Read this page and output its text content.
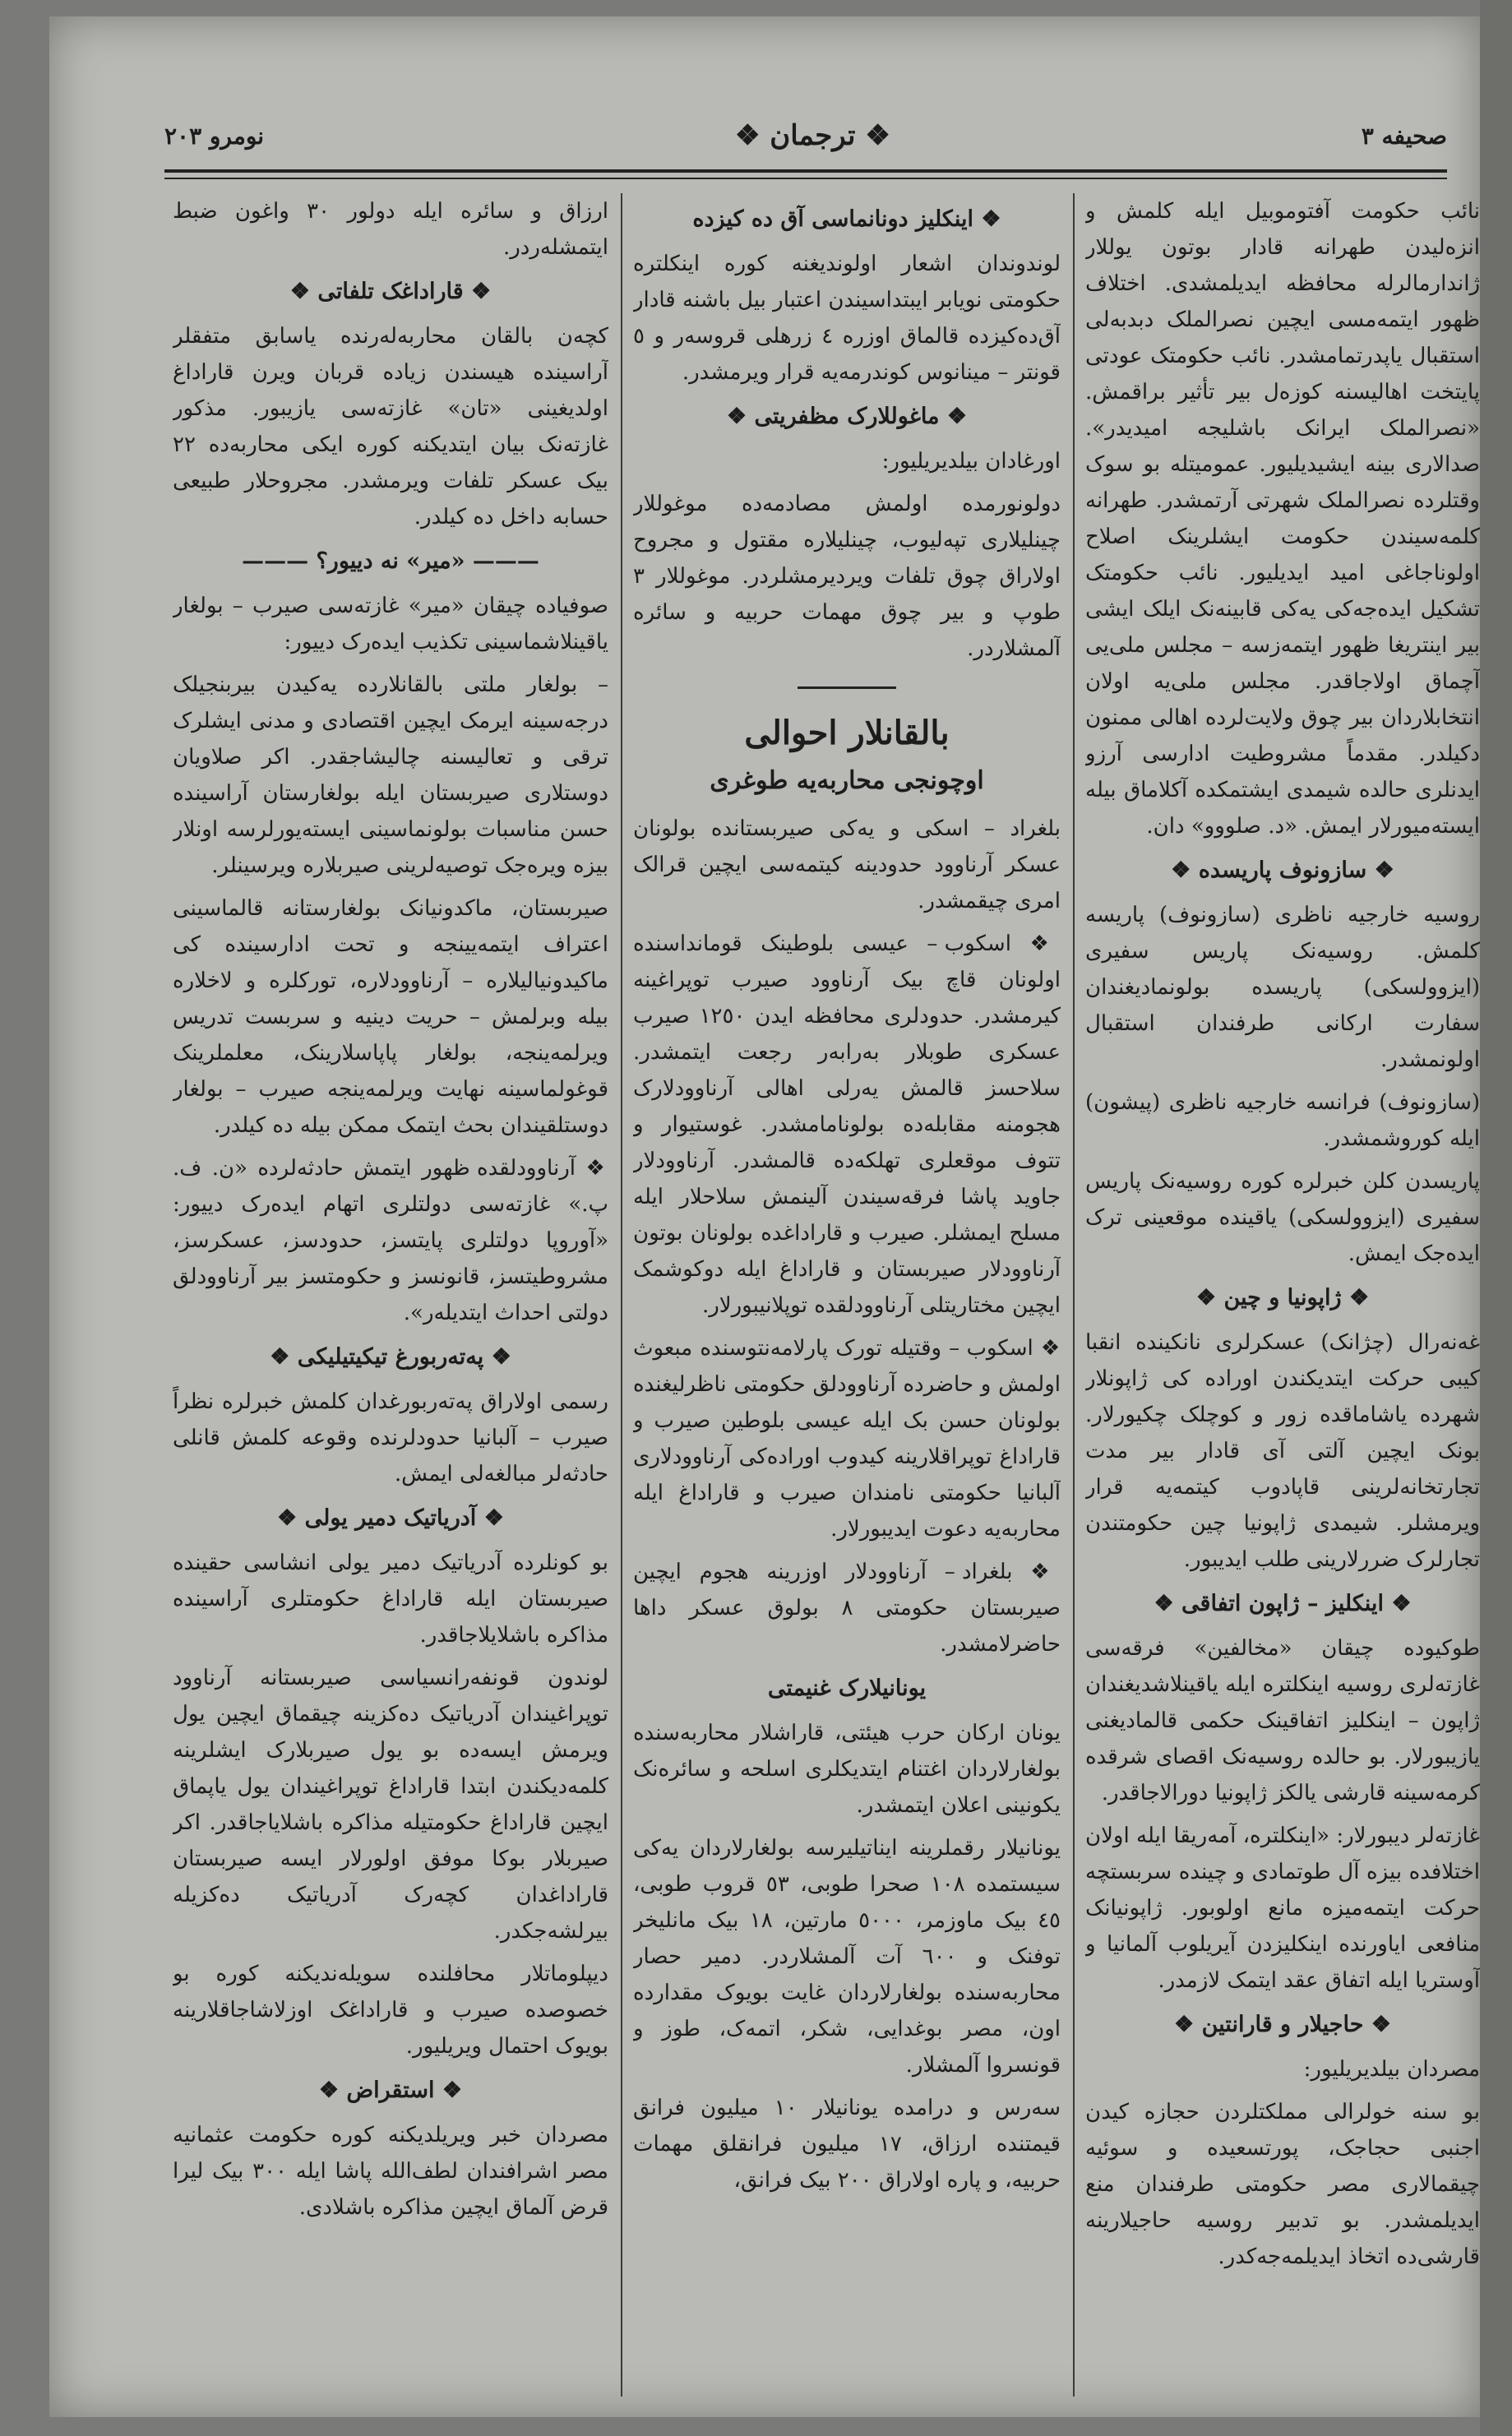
صحیفه ٣
❖ ترجمان ❖
نومرو ٢٠٣

نائب حکومت آفتوموبیل ایله کلمش و انزه‌لیدن طهرانه قادار بوتون یوللار ژاندارمالرله محافظه ایدیلمشدی. اختلاف ظهور ایتمه‌مسی ایچین نصرالملک دبدبه‌لی استقبال یاپدرتمامشدر. نائب حکومتک عودتی پایتخت اهالیسنه کوزه‌ل بیر تأثیر براقمش. «نصرالملک ایرانک باشلیجه امیدیدر». صدالاری بینه ایشیدیلیور. عمومیتله بو سوک وقتلرده نصرالملک شهرتی آرتمشدر. طهرانه کلمه‌سیندن حکومت ایشلرینک اصلاح اولوناجاغی امید ایدیلیور. نائب حکومتک تشکیل ایده‌جه‌کی یه‌کی قابینه‌نک ایلک ایشی بیر اینتریغا ظهور ایتمه‌زسه – مجلس ملی‌یی آچماق اولاجاقدر. مجلس ملی‌یه اولان انتخابلاردان بیر چوق ولایت‌لرده اهالی ممنون دکیلدر. مقدماً مشروطیت ادارسی آرزو ایدنلری حالده شیمدی ایشتمکده آکلاماق بیله ایسته‌میورلار ایمش. «د. صلووو» دان.

❖ سازونوف پاریسده ❖

روسیه خارجیه ناظری (سازونوف) پاریسه کلمش. روسیه‌نک پاریس سفیری (ایزوولسکی) پاریسده بولونمادیغندان سفارت ارکانی طرفندان استقبال اولونمشدر.

(سازونوف) فرانسه خارجیه ناظری (پیشون) ایله کوروشمشدر.

پاریسدن کلن خبرلره کوره روسیه‌نک پاریس سفیری (ایزوولسکی) یاقینده موقعینی ترک ایده‌جک ایمش.

❖ ژاپونیا و چین ❖

غه‌نه‌رال (چژانک) عسکرلری نانکینده انقبا کیبی حرکت ایتدیکندن اوراده کی ژاپونلار شهرده یاشاماقده زور و کوچلک چکیورلار. بونک ایچین آلتی آی قادار بیر مدت تجارتخانه‌لرینی قاپادوب کیتمه‌یه قرار ویرمشلر. شیمدی ژاپونیا چین حکومتندن تجارلرک ضررلارینی طلب ایدیبور.

❖ اینکلیز – ژاپون اتفاقی ❖

طوکیوده چیقان «مخالفین» فرقه‌سی غازته‌لری روسیه اینکلتره ایله یاقینلاشدیغندان ژاپون – اینکلیز اتفاقینک حکمی قالمادیغنی یازیبورلار. بو حالده روسیه‌نک اقصای شرقده کرمه‌سینه قارشی یالکز ژاپونیا دورالاجاقدر.

غازته‌لر دیبورلار: «اینکلتره، آمه‌ریقا ایله اولان اختلافده بیزه آل طوتمادی و چینده سربستچه حرکت ایتمه‌میزه مانع اولوبور. ژاپونیانک منافعی ایاورنده اینکلیزدن آیریلوب آلمانیا و آوستریا ایله اتفاق عقد ایتمک لازمدر.

❖ حاجیلار و قارانتین ❖

مصردان بیلدیریلیور:

بو سنه خولرالی مملکتلردن حجازه کیدن اجنبی حجاجک، پورتسعیده و سوئیه چیقمالاری مصر حکومتی طرفندان منع ایدیلمشدر. بو تدبیر روسیه حاجیلارینه قارشی‌ده اتخاذ ایدیلمه‌جه‌کدر.

❖ اینکلیز دونانماسی آق ده کیزده

لوندوندان اشعار اولوندیغنه کوره اینکلتره حکومتی نویابر ایبتداسیندن اعتبار بیل باشنه قادار آق‌ده‌کیزده قالماق اوزره ٤ زرهلی قروسه‌ر و ٥ قونتر – مینانوس کوندرمه‌یه قرار ویرمشدر.

❖ ماغوللارک مظفریتی ❖

اورغادان بیلدیریلیور:

دولونورمده اولمش مصادمه‌ده موغوللار چینلیلاری تپه‌لیوب، چینلیلاره مقتول و مجروح اولاراق چوق تلفات ویردیرمشلردر. موغوللار ٣ طوپ و بیر چوق مهمات حربیه و سائره آلمشلاردر.

بالقانلار احوالی
اوچونجی محاربه‌یه طوغری

بلغراد – اسکی و یه‌کی صیربستانده بولونان عسکر آرناوود حدودینه کیتمه‌سی ایچین قرالک امری چیقمشدر.

❖ اسکوب – عیسی بلوطینک قوماندا‌سنده اولونان قاچ بیک آرناوود صیرب توپراغینه کیرمشدر. حدودلری محافظه ایدن ١٢٥٠ صیرب عسکری طوبلار به‌رابه‌ر رجعت ایتمشدر. سلاحسز قالمش یه‌رلی اهالی آرناوودلارک هجومنه مقابله‌ده بولونامامشدر. غوستیوار و تتوف موقعلری تهلکه‌ده قالمشدر. آرناوودلار جاوید پاشا فرقه‌سیندن آلینمش سلاحلار ایله مسلح ایمشلر. صیرب و قاراداغده بولونان بوتون آرناوودلار صیربستان و قاراداغ ایله دوکوشمک ایچین مختاریتلی آرناوودلقده توپلانیبورلار.

❖ اسکوب – وقتیله تورک پارلامه‌نتوسنده مبعوث اولمش و حاضرده آرناوودلق حکومتی ناظرلیغنده بولونان حسن بک ایله عیسی بلوطین صیرب و قاراداغ توپراقلارینه کیدوب اوراده‌کی آرناوودلاری آلبانیا حکومتی نامندان صیرب و قاراداغ ایله محاربه‌یه دعوت ایدیبورلار.

❖ بلغراد – آرناوودلار اوزرینه هجوم ایچین صیربستان حکومتی ٨ بولوق عسکر داها حاضرلامشدر.

یونانیلارک غنیمتی

یونان ارکان حرب هیئتی، قاراشلار محاربه‌سنده بولغارلاردان اغتنام ایتدیکلری اسلحه و سائره‌نک یکونینی اعلان ایتمشدر.

یونانیلار رقملرینه ایناتیلیرسه بولغارلاردان یه‌کی سیستمده ١٠٨ صحرا طوبی، ٥٣ قروب طوبی، ٤٥ بیک ماوزمر، ٥٠٠٠ مارتین، ١٨ بیک مانلیخر توفنک و ٦٠٠ آت آلمشلاردر. دمیر حصار محاربه‌سنده بولغارلاردان غایت بویوک مقدارده اون، مصر بوغدایی، شکر، اتمه‌ک، طوز و قونسروا آلمشلار.

سه‌رس و درامده یونانیلار ١٠ میلیون فرانق قیمتنده ارزاق، ١٧ میلیون فرانقلق مهمات حربیه، و پاره اولاراق ٢٠٠ بیک فرانق،

ارزاق و سائره ایله دولور ٣٠ واغون ضبط ایتمشله‌ردر.

❖ قاراداغک تلفاتی ❖

کچه‌ن بالقان محاربه‌له‌رنده یاسابق متفقلر آراسینده هیسندن زیاده قربان ویرن قاراداغ اولدیغینی «تان» غازته‌سی یازیبور. مذکور غازته‌نک بیان ایتدیکنه کوره ایکی محاربه‌ده ٢٢ بیک عسکر تلفات ویرمشدر. مجروحلار طبیعی حسابه داخل ده کیلدر.

——— «میر» نه دییور؟ ———

صوفیاده چیقان «میر» غازته‌سی صیرب – بولغار یاقینلاشماسینی تکذیب ایده‌رک دییور:

– بولغار ملتی بالقانلارده یه‌کیدن بیربنجیلک درجه‌سینه ایرمک ایچین اقتصادی و مدنی ایشلرک ترقی و تعالیسنه چالیشاجقدر. اکر صلاویان دوستلاری صیربستان ایله بولغارستان آراسینده حسن مناسبات بولونماسینی ایسته‌یورلرسه اونلار بیزه ویره‌جک توصیه‌لرینی صیربلاره ویرسینلر.

صیربستان، ماکدونیانک بولغارستانه قالماسینی اعتراف ایتمه‌یینجه و تحت ادارسینده کی ماکیدونیالیلاره – آرناوودلاره، تورکلره و لاخلاره بیله وبرلمش – حریت دینیه و سربست تدریس ویرلمه‌ینجه، بولغار پاپاسلارینک، معلملرینک قوغولماسینه نهایت ویرلمه‌ینجه صیرب – بولغار دوستلقیندان بحث ایتمک ممکن بیله ده کیلدر.

❖ آرناوودلقده ظهور ایتمش حادثه‌لرده «ن. ف. پ.» غازته‌سی دولتلری اتهام ایده‌رک دییور: «آوروپا دولتلری پایتسز، حدودسز، عسکرسز، مشروطیتسز، قانونسز و حکومتسز بیر آرناوودلق دولتی احداث ایتدیله‌ر».

❖ په‌ته‌ربورغ تیکیتیلیکی ❖

رسمی اولاراق په‌ته‌ربورغدان کلمش خبرلره نظراً صیرب – آلبانیا حدودلرنده وقوعه کلمش قانلی حادثه‌لر مبالغه‌لی ایمش.

❖ آدریاتیک دمیر یولی ❖

بو کونلرده آدریاتیک دمیر یولی انشاسی حقینده صیربستان ایله قاراداغ حکومتلری آراسینده مذاکره باشلایلاجاقدر.

لوندون قونفه‌رانسیاسی صیربستانه آرناوود توپراغیندان آدریاتیک ده‌کزینه چیقماق ایچین یول ویرمش ایسه‌ده بو یول صیربلارک ایشلرینه کلمه‌دیکندن ابتدا قاراداغ توپراغیندان یول یاپماق ایچین قاراداغ حکومتیله مذاکره باشلایاجاقدر. اکر صیربلار بوکا موفق اولورلار ایسه صیربستان قاراداغدان کچه‌رک آدریاتیک ده‌کزیله بیرلشه‌جکدر.

دیپلوماتلار محافلنده سویله‌ندیکنه کوره بو خصوصده صیرب و قاراداغک اوزلاشاجاقلارینه بویوک احتمال ویریلیور.

❖ استقراض ❖

مصردان خبر ویریلدیکنه کوره حکومت عثمانیه مصر اشرافندان لطف‌الله پاشا ایله ٣٠٠ بیک لیرا قرض آلماق ایچین مذاکره باشلادی.
